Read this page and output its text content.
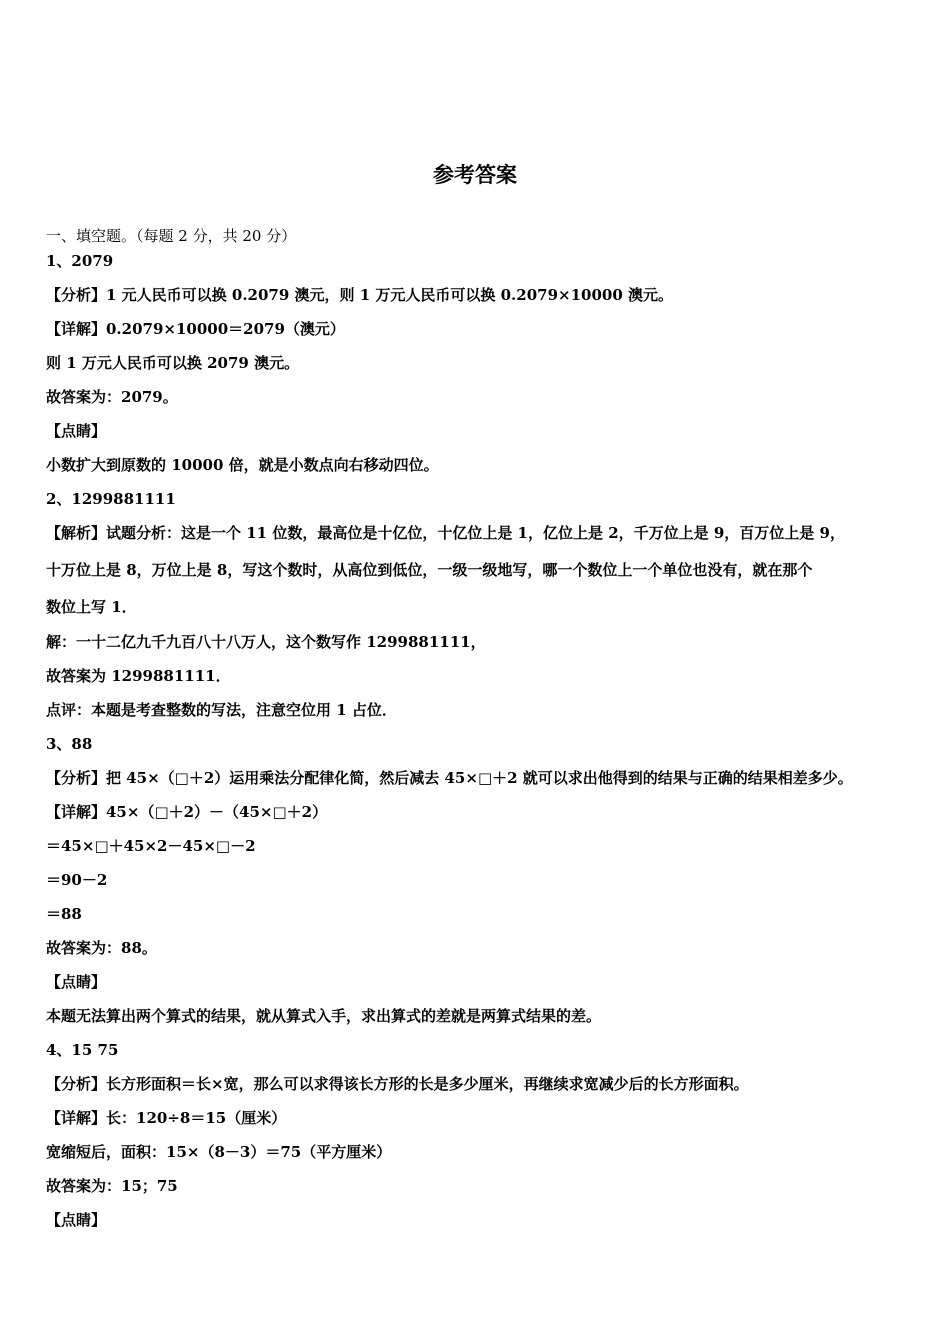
参考答案
一、填空题。（每题 2 分，共 20 分）
1、2079
【分析】1 元人民币可以换 0.2079 澳元，则 1 万元人民币可以换 0.2079×10000 澳元。
【详解】0.2079×10000＝2079（澳元）
则 1 万元人民币可以换 2079 澳元。
故答案为：2079。
【点睛】
小数扩大到原数的 10000 倍，就是小数点向右移动四位。
2、1299881111
【解析】试题分析：这是一个 11 位数，最高位是十亿位，十亿位上是 1，亿位上是 2，千万位上是 9，百万位上是 9，
十万位上是 8，万位上是 8，写这个数时，从高位到低位，一级一级地写，哪一个数位上一个单位也没有，就在那个
数位上写 1．
解：一十二亿九千九百八十八万人，这个数写作 1299881111，
故答案为 1299881111．
点评：本题是考查整数的写法，注意空位用 1 占位．
3、88
【分析】把 45×（□＋2）运用乘法分配律化简，然后减去 45×□＋2 就可以求出他得到的结果与正确的结果相差多少。
【详解】45×（□＋2）－（45×□＋2）
＝45×□＋45×2－45×□－2
＝90－2
＝88
故答案为：88。
【点睛】
本题无法算出两个算式的结果，就从算式入手，求出算式的差就是两算式结果的差。
4、15 75
【分析】长方形面积＝长×宽，那么可以求得该长方形的长是多少厘米，再继续求宽减少后的长方形面积。
【详解】长：120÷8＝15（厘米）
宽缩短后，面积：15×（8－3）＝75（平方厘米）
故答案为：15；75
【点睛】
